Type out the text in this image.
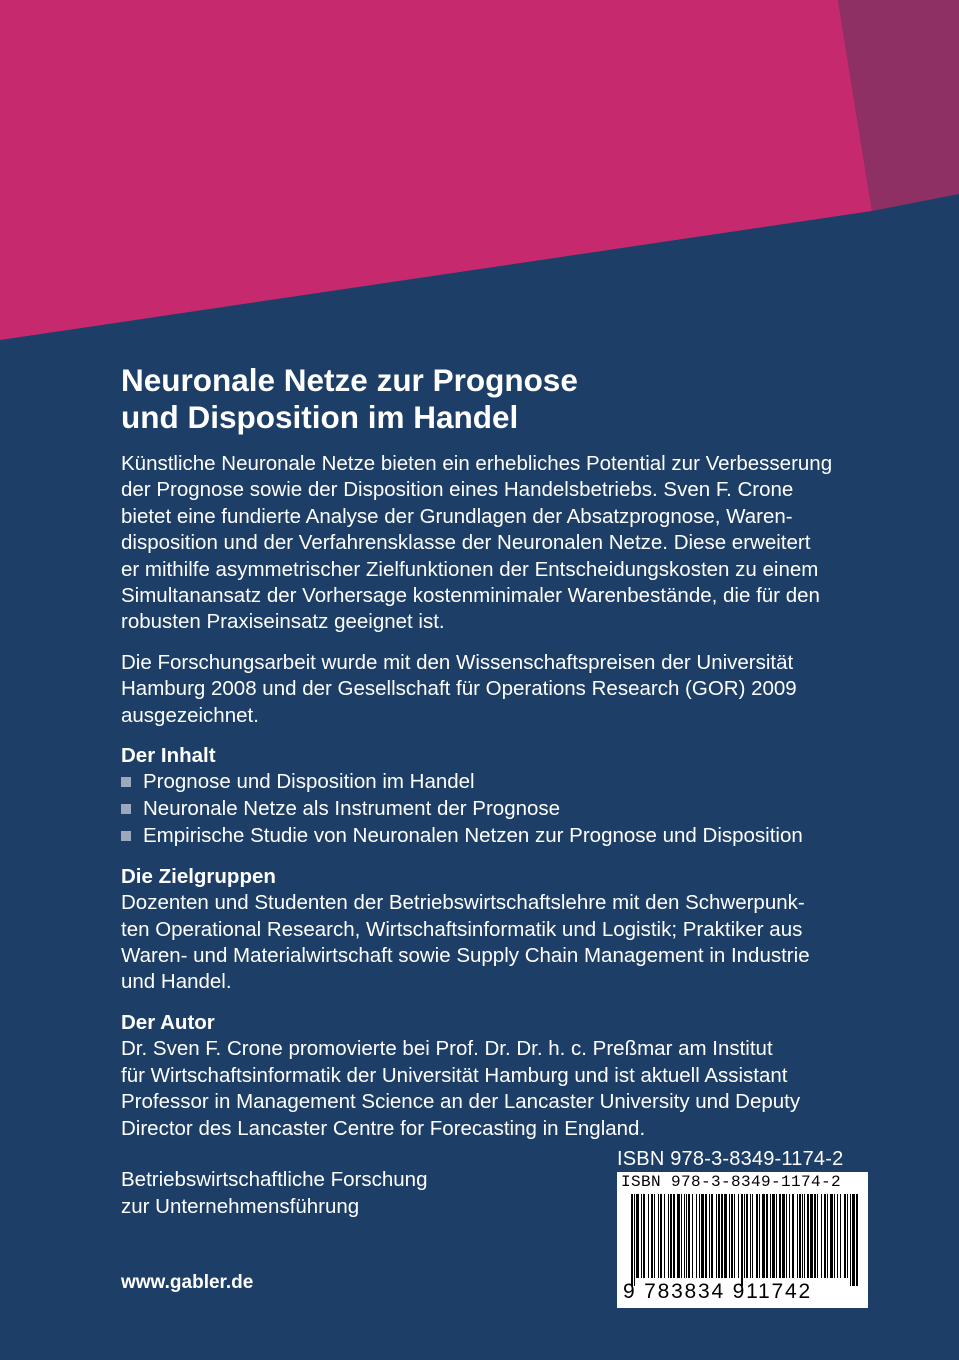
Neuronale Netze zur Prognose
und Disposition im Handel

Künstliche Neuronale Netze bieten ein erhebliches Potential zur Verbesserung
der Prognose sowie der Disposition eines Handelsbetriebs. Sven F. Crone
bietet eine fundierte Analyse der Grundlagen der Absatzprognose, Waren-
disposition und der Verfahrensklasse der Neuronalen Netze. Diese erweitert
er mithilfe asymmetrischer Zielfunktionen der Entscheidungskosten zu einem
Simultanansatz der Vorhersage kostenminimaler Warenbestände, die für den
robusten Praxiseinsatz geeignet ist.

Die Forschungsarbeit wurde mit den Wissenschaftspreisen der Universität
Hamburg 2008 und der Gesellschaft für Operations Research (GOR) 2009
ausgezeichnet.

Der Inhalt
Prognose und Disposition im Handel
Neuronale Netze als Instrument der Prognose
Empirische Studie von Neuronalen Netzen zur Prognose und Disposition
Die Zielgruppen

Dozenten und Studenten der Betriebswirtschaftslehre mit den Schwerpunk-
ten Operational Research, Wirtschaftsinformatik und Logistik; Praktiker aus
Waren- und Materialwirtschaft sowie Supply Chain Management in Industrie
und Handel.

Der Autor

Dr. Sven F. Crone promovierte bei Prof. Dr. Dr. h. c. Preßmar am Institut
für Wirtschaftsinformatik der Universität Hamburg und ist aktuell Assistant
Professor in Management Science an der Lancaster University und Deputy
Director des Lancaster Centre for Forecasting in England.

Betriebswirtschaftliche Forschung

zur Unternehmensführung

www.gabler.de
ISBN 978-3-8349-1174-2
ISBN 978-3-8349-1174-2
9 783834 911742
